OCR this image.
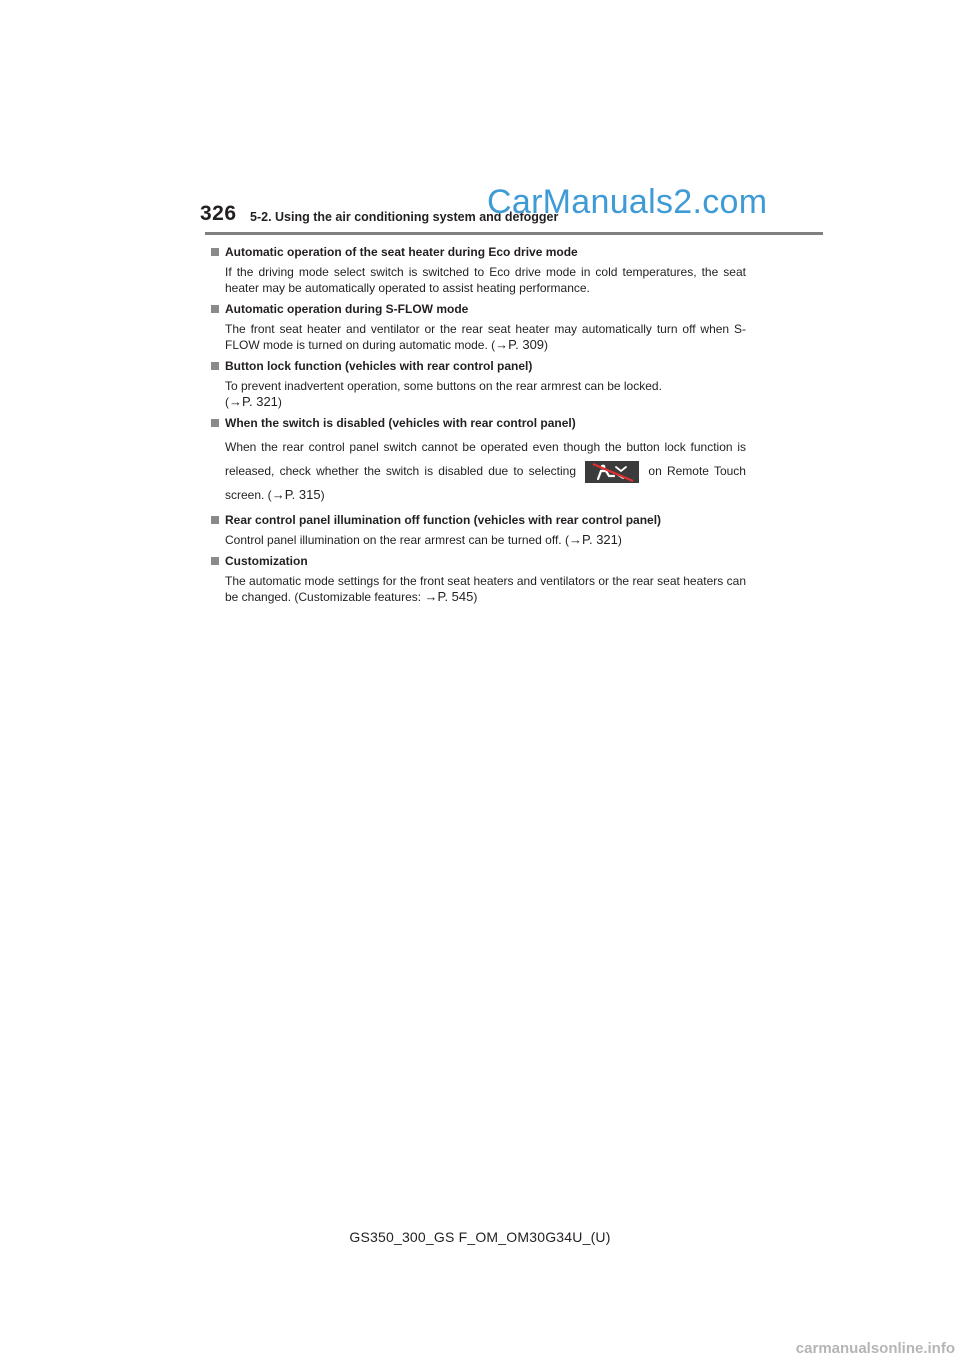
326 5-2. Using the air conditioning system and defogger
CarManuals2.com
Automatic operation of the seat heater during Eco drive mode
If the driving mode select switch is switched to Eco drive mode in cold temperatures, the seat heater may be automatically operated to assist heating performance.
Automatic operation during S-FLOW mode
The front seat heater and ventilator or the rear seat heater may automatically turn off when S-FLOW mode is turned on during automatic mode. (→P. 309)
Button lock function (vehicles with rear control panel)
To prevent inadvertent operation, some buttons on the rear armrest can be locked.
(→P. 321)
When the switch is disabled (vehicles with rear control panel)
When the rear control panel switch cannot be operated even though the button lock function is released, check whether the switch is disabled due to selecting	on Remote Touch screen. (→P. 315)
Rear control panel illumination off function (vehicles with rear control panel)
Control panel illumination on the rear armrest can be turned off. (→P. 321)
Customization
The automatic mode settings for the front seat heaters and ventilators or the rear seat heaters can be changed. (Customizable features: →P. 545)
GS350_300_GS F_OM_OM30G34U_(U)
carmanualsonline.info
